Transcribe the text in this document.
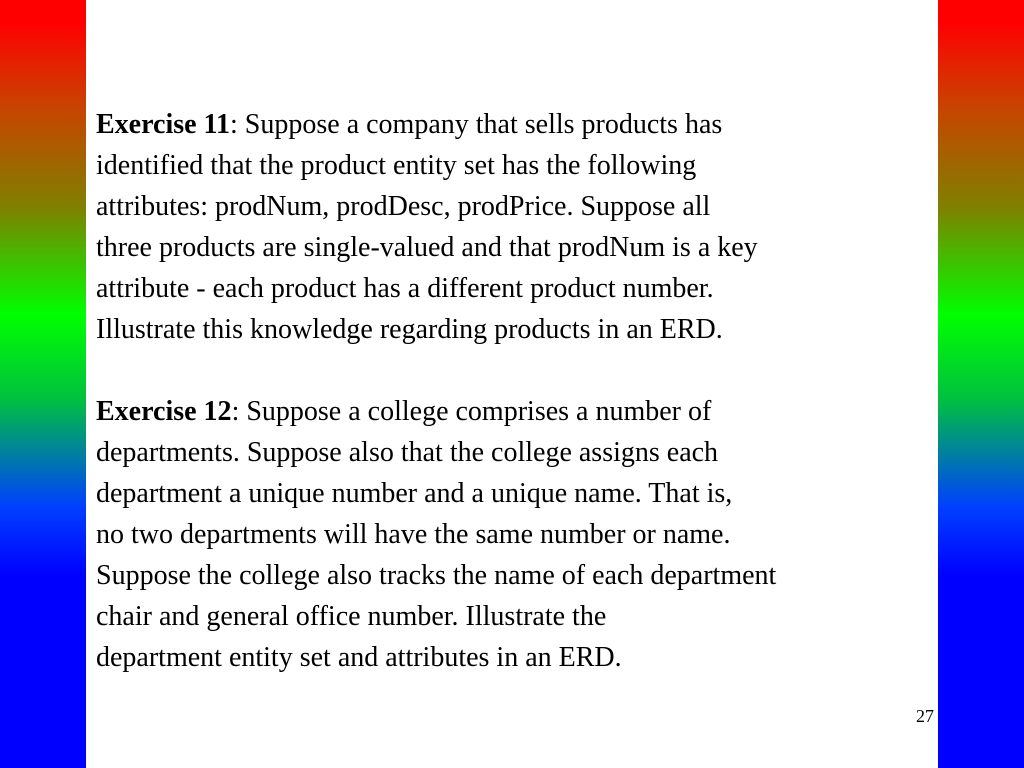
Exercise 11: Suppose a company that sells products has
identified that the product entity set has the following
attributes: prodNum, prodDesc, prodPrice. Suppose all
three products are single-valued and that prodNum is a key
attribute - each product has a different product number.
Illustrate this knowledge regarding products in an ERD.

Exercise 12: Suppose a college comprises a number of
departments. Suppose also that the college assigns each
department a unique number and a unique name. That is,
no two departments will have the same number or name.
Suppose the college also tracks the name of each department
chair and general office number. Illustrate the
department entity set and attributes in an ERD.

27
